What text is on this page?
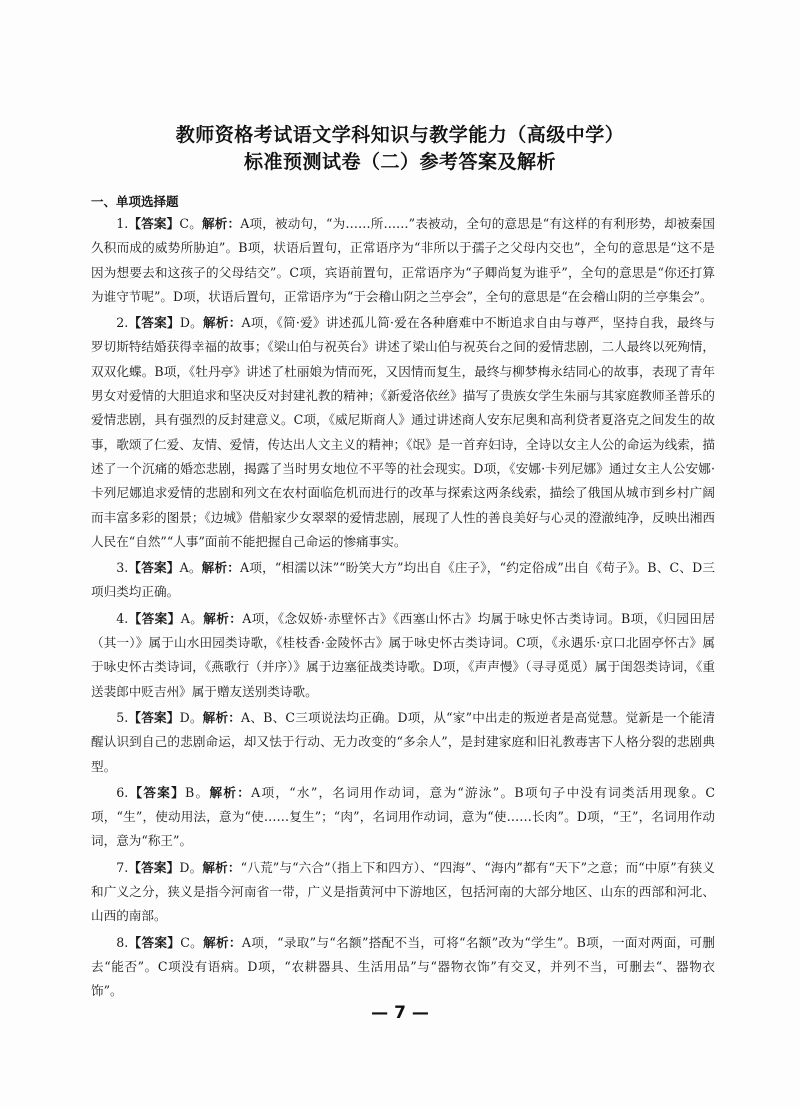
教师资格考试语文学科知识与教学能力（高级中学）
标准预测试卷（二）参考答案及解析
一、单项选择题

1.【答案】C。解析：A项，被动句，“为……所……”表被动，全句的意思是“有这样的有利形势，却被秦国久积而成的威势所胁迫”。B项，状语后置句，正常语序为“非所以于孺子之父母内交也”，全句的意思是“这不是因为想要去和这孩子的父母结交”。C项，宾语前置句，正常语序为“子卿尚复为谁乎”，全句的意思是“你还打算为谁守节呢”。D项，状语后置句，正常语序为“于会稽山阴之兰亭会”，全句的意思是“在会稽山阴的兰亭集会”。

2.【答案】D。解析：A项，《简·爱》讲述孤儿简·爱在各种磨难中不断追求自由与尊严，坚持自我，最终与罗切斯特结婚获得幸福的故事；《梁山伯与祝英台》讲述了梁山伯与祝英台之间的爱情悲剧，二人最终以死殉情，双双化蝶。B项，《牡丹亭》讲述了杜丽娘为情而死，又因情而复生，最终与柳梦梅永结同心的故事，表现了青年男女对爱情的大胆追求和坚决反对封建礼教的精神；《新爱洛依丝》描写了贵族女学生朱丽与其家庭教师圣普乐的爱情悲剧，具有强烈的反封建意义。C项，《威尼斯商人》通过讲述商人安东尼奥和高利贷者夏洛克之间发生的故事，歌颂了仁爱、友情、爱情，传达出人文主义的精神；《氓》是一首弃妇诗，全诗以女主人公的命运为线索，描述了一个沉痛的婚恋悲剧，揭露了当时男女地位不平等的社会现实。D项，《安娜·卡列尼娜》通过女主人公安娜·卡列尼娜追求爱情的悲剧和列文在农村面临危机而进行的改革与探索这两条线索，描绘了俄国从城市到乡村广阔而丰富多彩的图景；《边城》借船家少女翠翠的爱情悲剧，展现了人性的善良美好与心灵的澄澈纯净，反映出湘西人民在“自然”“人事”面前不能把握自己命运的惨痛事实。

3.【答案】A。解析：A项，“相濡以沫”“盼笑大方”均出自《庄子》，“约定俗成”出自《荀子》。B、C、D三项归类均正确。

4.【答案】A。解析：A项，《念奴娇·赤壁怀古》《西塞山怀古》均属于咏史怀古类诗词。B项，《归园田居（其一）》属于山水田园类诗歌，《桂枝香·金陵怀古》属于咏史怀古类诗词。C项，《永遇乐·京口北固亭怀古》属于咏史怀古类诗词，《燕歌行（并序）》属于边塞征战类诗歌。D项，《声声慢》（寻寻觅觅）属于闺怨类诗词，《重送裴郎中贬吉州》属于赠友送别类诗歌。

5.【答案】D。解析：A、B、C三项说法均正确。D项，从“家”中出走的叛逆者是高觉慧。觉新是一个能清醒认识到自己的悲剧命运，却又怯于行动、无力改变的“多余人”，是封建家庭和旧礼教毒害下人格分裂的悲剧典型。

6.【答案】B。解析：A项，“水”，名词用作动词，意为“游泳”。B项句子中没有词类活用现象。C项，“生”，使动用法，意为“使……复生”；“肉”，名词用作动词，意为“使……长肉”。D项，“王”，名词用作动词，意为“称王”。

7.【答案】D。解析：“八荒”与“六合”（指上下和四方）、“四海”、“海内”都有“天下”之意；而“中原”有狭义和广义之分，狭义是指今河南省一带，广义是指黄河中下游地区，包括河南的大部分地区、山东的西部和河北、山西的南部。

8.【答案】C。解析：A项，“录取”与“名额”搭配不当，可将“名额”改为“学生”。B项，一面对两面，可删去“能否”。C项没有语病。D项，“农耕器具、生活用品”与“器物衣饰”有交叉，并列不当，可删去“、器物衣饰”。

— 7 —
